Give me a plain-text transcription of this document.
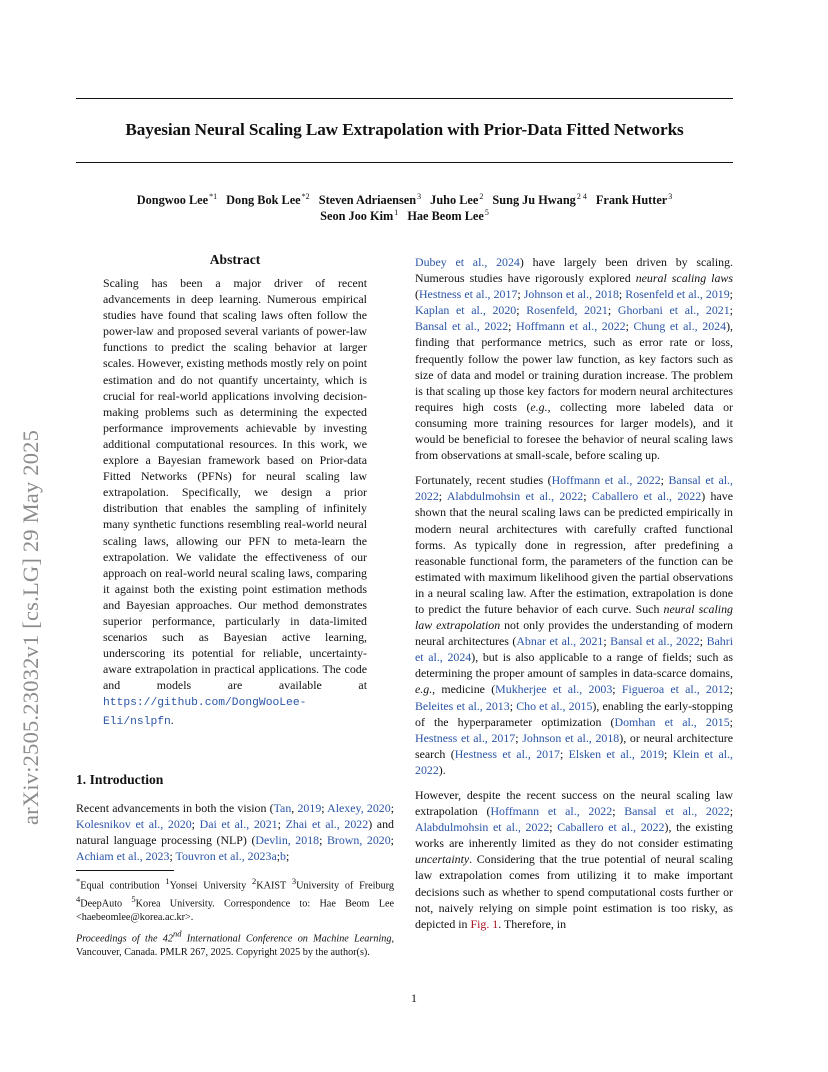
Bayesian Neural Scaling Law Extrapolation with Prior-Data Fitted Networks
Dongwoo Lee$^{*1}$ Dong Bok Lee$^{*2}$ Steven Adriaensen$^3$ Juho Lee$^2$ Sung Ju Hwang$^{2 4}$ Frank Hutter$^3$
Seon Joo Kim$^1$ Hae Beom Lee$^5$
arXiv:2505.23032v1 [cs.LG] 29 May 2025
Abstract
Scaling has been a major driver of recent advancements in deep learning. Numerous empirical studies have found that scaling laws often follow the power-law and proposed several variants of power-law functions to predict the scaling behavior at larger scales. However, existing methods mostly rely on point estimation and do not quantify uncertainty, which is crucial for real-world applications involving decision-making problems such as determining the expected performance improvements achievable by investing additional computational resources. In this work, we explore a Bayesian framework based on Prior-data Fitted Networks (PFNs) for neural scaling law extrapolation. Specifically, we design a prior distribution that enables the sampling of infinitely many synthetic functions resembling real-world neural scaling laws, allowing our PFN to meta-learn the extrapolation. We validate the effectiveness of our approach on real-world neural scaling laws, comparing it against both the existing point estimation methods and Bayesian approaches. Our method demonstrates superior performance, particularly in data-limited scenarios such as Bayesian active learning, underscoring its potential for reliable, uncertainty-aware extrapolation in practical applications. The code and models are available at https://github.com/DongWooLee-Eli/nslpfn.
1. Introduction

Recent advancements in both the vision (Tan, 2019; Alexey, 2020; Kolesnikov et al., 2020; Dai et al., 2021; Zhai et al., 2022) and natural language processing (NLP) (Devlin, 2018; Brown, 2020; Achiam et al., 2023; Touvron et al., 2023a;b;

*Equal contribution $^1$Yonsei University $^2$KAIST $^3$University of Freiburg $^4$DeepAuto $^5$Korea University. Correspondence to: Hae Beom Lee <haebeomlee@korea.ac.kr>.
Proceedings of the 42nd International Conference on Machine Learning, Vancouver, Canada. PMLR 267, 2025. Copyright 2025 by the author(s).

Dubey et al., 2024) have largely been driven by scaling. Numerous studies have rigorously explored neural scaling laws (Hestness et al., 2017; Johnson et al., 2018; Rosenfeld et al., 2019; Kaplan et al., 2020; Rosenfeld, 2021; Ghorbani et al., 2021; Bansal et al., 2022; Hoffmann et al., 2022; Chung et al., 2024), finding that performance metrics, such as error rate or loss, frequently follow the power law function, as key factors such as size of data and model or training duration increase. The problem is that scaling up those key factors for modern neural architectures requires high costs (e.g., collecting more labeled data or consuming more training resources for larger models), and it would be beneficial to foresee the behavior of neural scaling laws from observations at small-scale, before scaling up.

Fortunately, recent studies (Hoffmann et al., 2022; Bansal et al., 2022; Alabdulmohsin et al., 2022; Caballero et al., 2022) have shown that the neural scaling laws can be predicted empirically in modern neural architectures with carefully crafted functional forms. As typically done in regression, after predefining a reasonable functional form, the parameters of the function can be estimated with maximum likelihood given the partial observations in a neural scaling law. After the estimation, extrapolation is done to predict the future behavior of each curve. Such neural scaling law extrapolation not only provides the understanding of modern neural architectures (Abnar et al., 2021; Bansal et al., 2022; Bahri et al., 2024), but is also applicable to a range of fields; such as determining the proper amount of samples in data-scarce domains, e.g., medicine (Mukherjee et al., 2003; Figueroa et al., 2012; Beleites et al., 2013; Cho et al., 2015), enabling the early-stopping of the hyperparameter optimization (Domhan et al., 2015; Hestness et al., 2017; Johnson et al., 2018), or neural architecture search (Hestness et al., 2017; Elsken et al., 2019; Klein et al., 2022).

However, despite the recent success on the neural scaling law extrapolation (Hoffmann et al., 2022; Bansal et al., 2022; Alabdulmohsin et al., 2022; Caballero et al., 2022), the existing works are inherently limited as they do not consider estimating uncertainty. Considering that the true potential of neural scaling law extrapolation comes from utilizing it to make important decisions such as whether to spend computational costs further or not, naively relying on simple point estimation is too risky, as depicted in Fig. 1. Therefore, in

1
